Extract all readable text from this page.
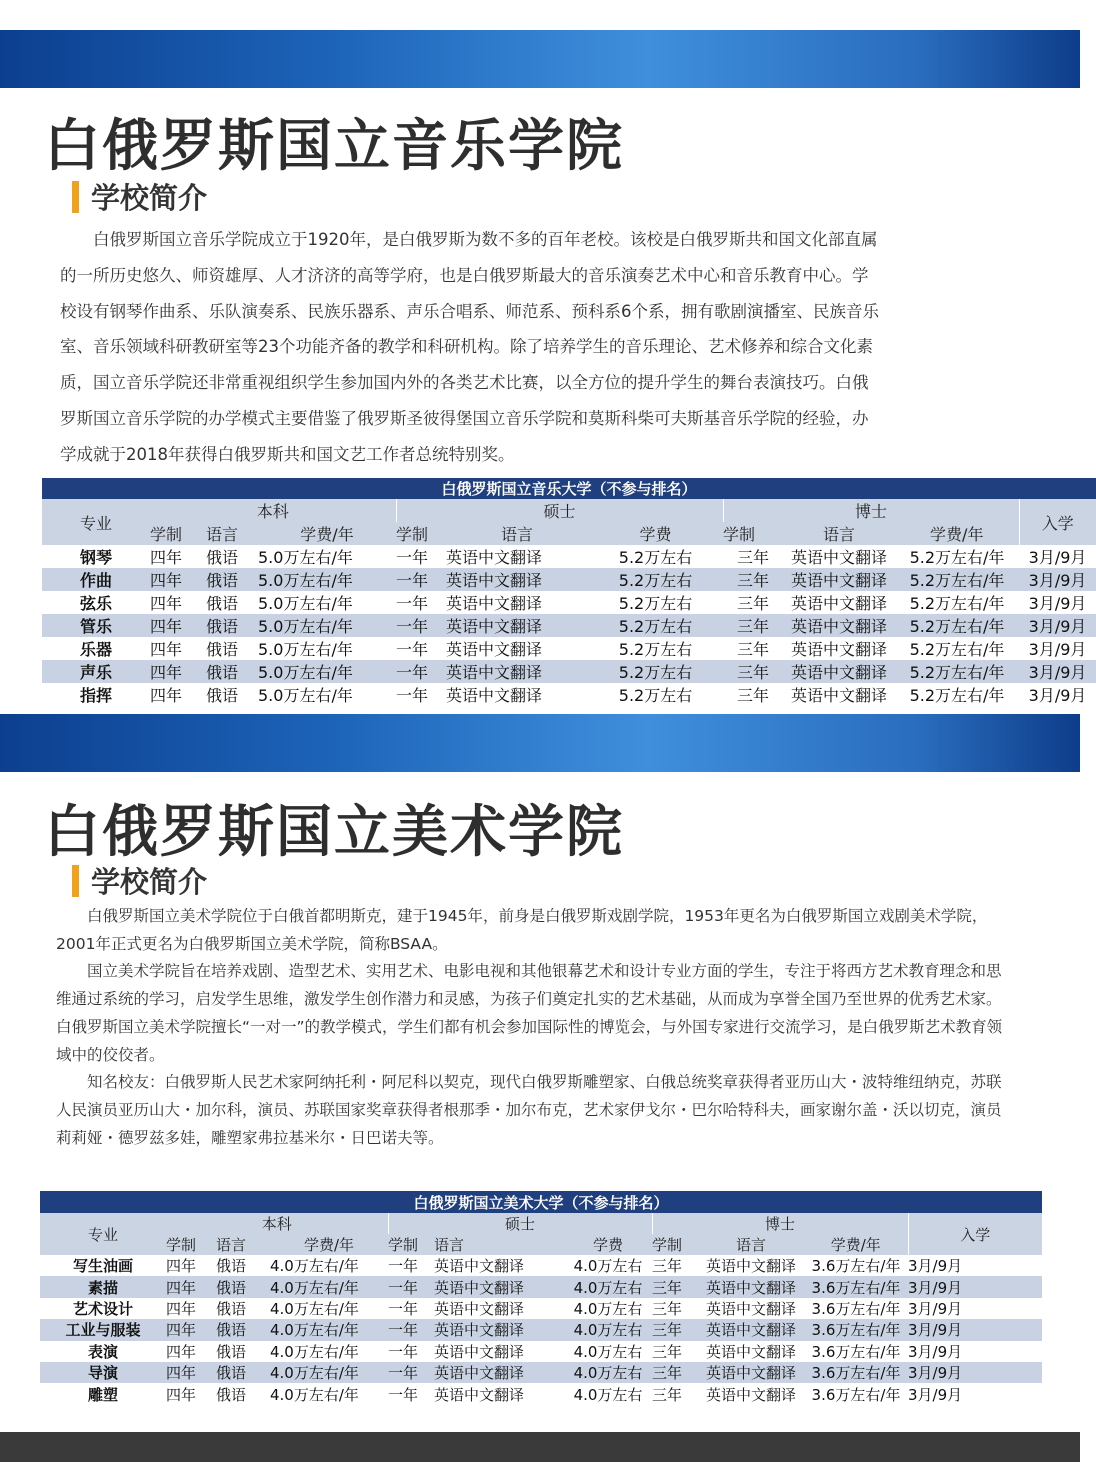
白俄罗斯国立音乐学院
学校简介

白俄罗斯国立音乐学院成立于1920年，是白俄罗斯为数不多的百年老校。该校是白俄罗斯共和国文化部直属

的一所历史悠久、师资雄厚、人才济济的高等学府，也是白俄罗斯最大的音乐演奏艺术中心和音乐教育中心。学

校设有钢琴作曲系、乐队演奏系、民族乐器系、声乐合唱系、师范系、预科系6个系，拥有歌剧演播室、民族音乐

室、音乐领域科研教研室等23个功能齐备的教学和科研机构。除了培养学生的音乐理论、艺术修养和综合文化素

质，国立音乐学院还非常重视组织学生参加国内外的各类艺术比赛，以全方位的提升学生的舞台表演技巧。白俄

罗斯国立音乐学院的办学模式主要借鉴了俄罗斯圣彼得堡国立音乐学院和莫斯科柴可夫斯基音乐学院的经验，办

学成就于2018年获得白俄罗斯共和国文艺工作者总统特别奖。

白俄罗斯国立音乐大学（不参与排名）										
专业	本科			硕士			博士			入学
	学制	语言	学费/年	学制	语言	学费	学制	语言	学费/年	
钢琴	四年	俄语	5.0万左右/年	一年	英语中文翻译	5.2万左右	三年	英语中文翻译	5.2万左右/年	3月/9月
作曲	四年	俄语	5.0万左右/年	一年	英语中文翻译	5.2万左右	三年	英语中文翻译	5.2万左右/年	3月/9月
弦乐	四年	俄语	5.0万左右/年	一年	英语中文翻译	5.2万左右	三年	英语中文翻译	5.2万左右/年	3月/9月
管乐	四年	俄语	5.0万左右/年	一年	英语中文翻译	5.2万左右	三年	英语中文翻译	5.2万左右/年	3月/9月
乐器	四年	俄语	5.0万左右/年	一年	英语中文翻译	5.2万左右	三年	英语中文翻译	5.2万左右/年	3月/9月
声乐	四年	俄语	5.0万左右/年	一年	英语中文翻译	5.2万左右	三年	英语中文翻译	5.2万左右/年	3月/9月
指挥	四年	俄语	5.0万左右/年	一年	英语中文翻译	5.2万左右	三年	英语中文翻译	5.2万左右/年	3月/9月
白俄罗斯国立美术学院
学校简介

白俄罗斯国立美术学院位于白俄首都明斯克，建于1945年，前身是白俄罗斯戏剧学院，1953年更名为白俄罗斯国立戏剧美术学院，2001年正式更名为白俄罗斯国立美术学院，简称BSAA。

国立美术学院旨在培养戏剧、造型艺术、实用艺术、电影电视和其他银幕艺术和设计专业方面的学生，专注于将西方艺术教育理念和思维通过系统的学习，启发学生思维，激发学生创作潜力和灵感，为孩子们奠定扎实的艺术基础，从而成为享誉全国乃至世界的优秀艺术家。

白俄罗斯国立美术学院擅长“一对一”的教学模式，学生们都有机会参加国际性的博览会，与外国专家进行交流学习，是白俄罗斯艺术教育领域中的佼佼者。

知名校友：白俄罗斯人民艺术家阿纳托利・阿尼科以契克，现代白俄罗斯雕塑家、白俄总统奖章获得者亚历山大・波特维纽纳克，苏联人民演员亚历山大・加尔科，演员、苏联国家奖章获得者根那季・加尔布克，艺术家伊戈尔・巴尔哈特科夫，画家谢尔盖・沃以切克，演员莉莉娅・德罗兹多娃，雕塑家弗拉基米尔・日巴诺夫等。

白俄罗斯国立美术大学（不参与排名）										
专业	本科			硕士			博士			入学
	学制	语言	学费/年	学制	语言	学费	学制	语言	学费/年	
写生油画	四年	俄语	4.0万左右/年	一年	英语中文翻译	4.0万左右	三年	英语中文翻译	3.6万左右/年	3月/9月
素描	四年	俄语	4.0万左右/年	一年	英语中文翻译	4.0万左右	三年	英语中文翻译	3.6万左右/年	3月/9月
艺术设计	四年	俄语	4.0万左右/年	一年	英语中文翻译	4.0万左右	三年	英语中文翻译	3.6万左右/年	3月/9月
工业与服装	四年	俄语	4.0万左右/年	一年	英语中文翻译	4.0万左右	三年	英语中文翻译	3.6万左右/年	3月/9月
表演	四年	俄语	4.0万左右/年	一年	英语中文翻译	4.0万左右	三年	英语中文翻译	3.6万左右/年	3月/9月
导演	四年	俄语	4.0万左右/年	一年	英语中文翻译	4.0万左右	三年	英语中文翻译	3.6万左右/年	3月/9月
雕塑	四年	俄语	4.0万左右/年	一年	英语中文翻译	4.0万左右	三年	英语中文翻译	3.6万左右/年	3月/9月
